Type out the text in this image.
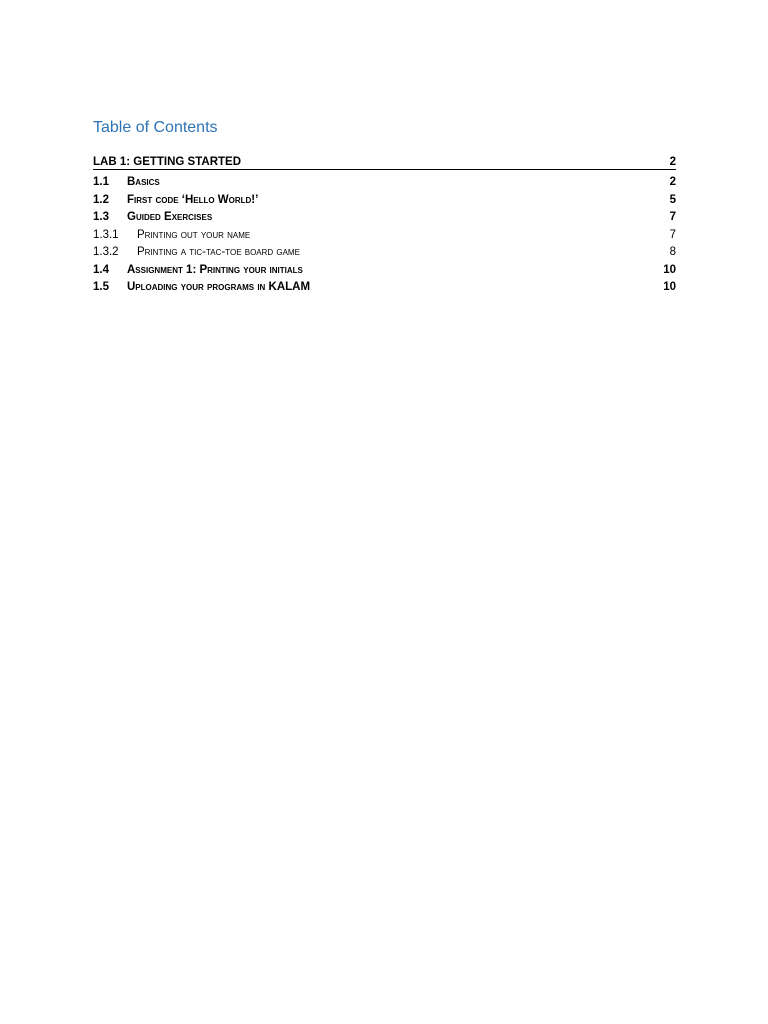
Table of Contents
LAB 1: GETTING STARTED	2
1.1	Basics	2
1.2	First code ‘Hello World!’	5
1.3	Guided Exercises	7
1.3.1	Printing out your name	7
1.3.2	Printing a tic-tac-toe board game	8
1.4	Assignment 1: Printing your initials	10
1.5	Uploading your programs in KALAM	10
